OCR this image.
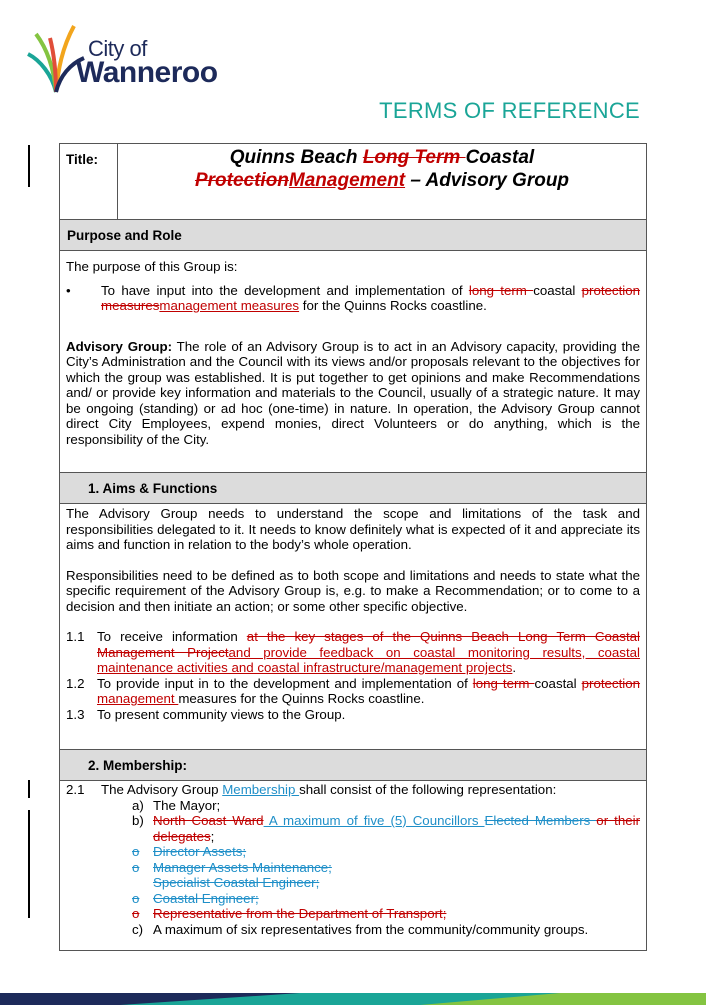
City of
Wanneroo
TERMS OF REFERENCE
Title:	Quinns Beach Long Term Coastal
ProtectionManagement – Advisory Group
Purpose and Role

The purpose of this Group is:

•	To have input into the development and implementation of long term coastal protection measuresmanagement measures for the Quinns Rocks coastline.

Advisory Group: The role of an Advisory Group is to act in an Advisory capacity, providing the City’s Administration and the Council with its views and/or proposals relevant to the objectives for which the group was established. It is put together to get opinions and make Recommendations and/ or provide key information and materials to the Council, usually of a strategic nature. It may be ongoing (standing) or ad hoc (one-time) in nature. In operation, the Advisory Group cannot direct City Employees, expend monies, direct Volunteers or do anything, which is the responsibility of the City.

1. Aims & Functions

The Advisory Group needs to understand the scope and limitations of the task and responsibilities delegated to it. It needs to know definitely what is expected of it and appreciate its aims and function in relation to the body’s whole operation.

Responsibilities need to be defined as to both scope and limitations and needs to state what the specific requirement of the Advisory Group is, e.g. to make a Recommendation; or to come to a decision and then initiate an action; or some other specific objective.

1.1 To receive information at the key stages of the Quinns Beach Long Term Coastal Management Projectand provide feedback on coastal monitoring results, coastal maintenance activities and coastal infrastructure/management projects.
1.2 To provide input in to the development and implementation of long term coastal protection management measures for the Quinns Rocks coastline.
1.3 To present community views to the Group.
2. Membership:
2.1	The Advisory Group Membership shall consist of the following representation:
a) The Mayor;
b) North Coast Ward A maximum of five (5) Councillors Elected Members or their delegates;
o	Director Assets;
o	Manager Assets Maintenance;
Specialist Coastal Engineer;
o	Coastal Engineer;
o	Representative from the Department of Transport;
c) A maximum of six representatives from the community/community groups.
